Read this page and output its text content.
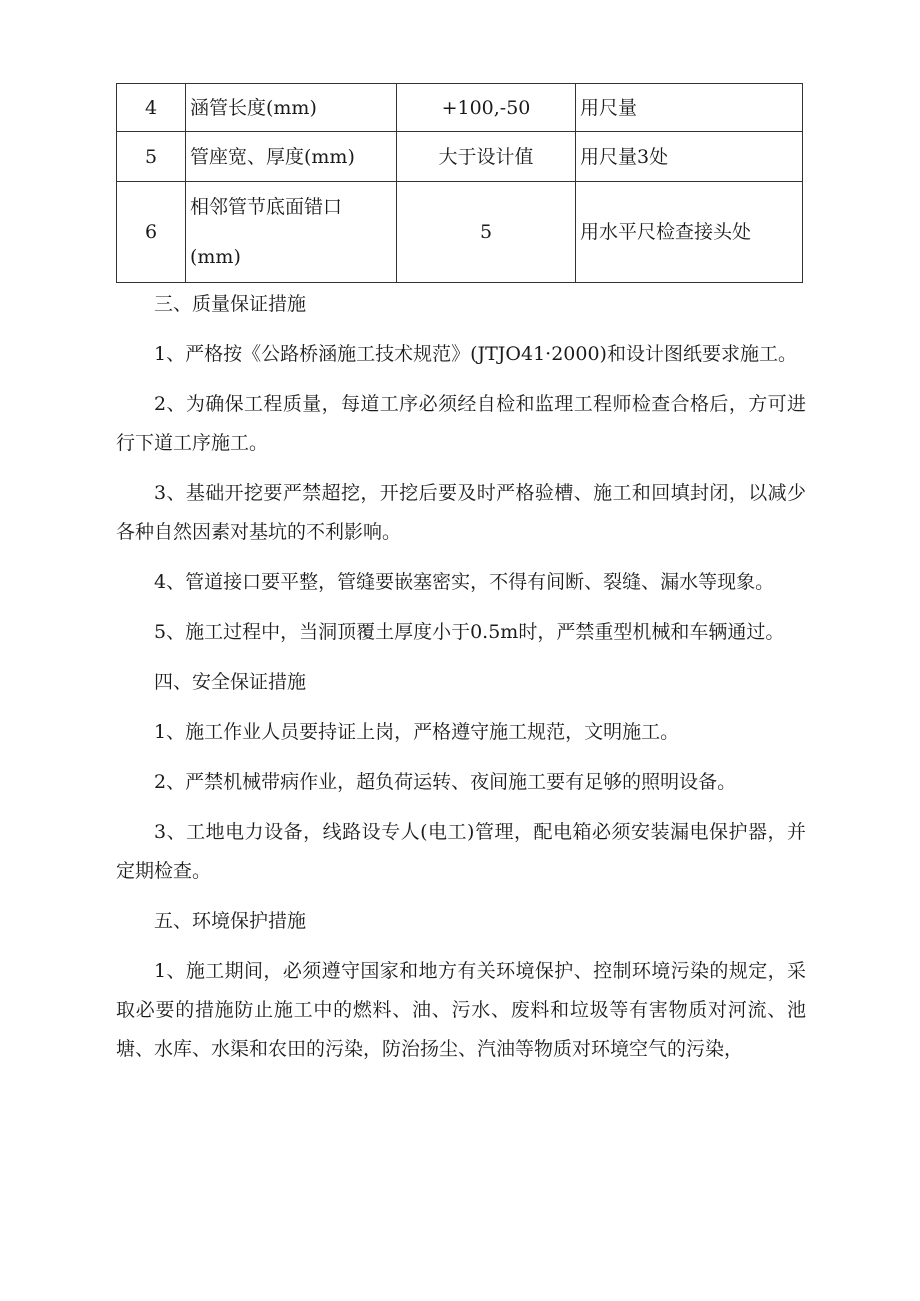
4	涵管长度(mm)	+100,-50	用尺量
5	管座宽、厚度(mm)	大于设计值	用尺量3处
6	相邻管节底面错口(mm)	5	用水平尺检查接头处

三、质量保证措施

1、严格按《公路桥涵施工技术规范》(JTJO41·2000)和设计图纸要求施工。

2、为确保工程质量，每道工序必须经自检和监理工程师检查合格后，方可进行下道工序施工。

3、基础开挖要严禁超挖，开挖后要及时严格验槽、施工和回填封闭，以减少各种自然因素对基坑的不利影响。

4、管道接口要平整，管缝要嵌塞密实，不得有间断、裂缝、漏水等现象。

5、施工过程中，当洞顶覆土厚度小于0.5m时，严禁重型机械和车辆通过。

四、安全保证措施

1、施工作业人员要持证上岗，严格遵守施工规范，文明施工。

2、严禁机械带病作业，超负荷运转、夜间施工要有足够的照明设备。

3、工地电力设备，线路设专人(电工)管理，配电箱必须安装漏电保护器，并定期检查。

五、环境保护措施

1、施工期间，必须遵守国家和地方有关环境保护、控制环境污染的规定，采取必要的措施防止施工中的燃料、油、污水、废料和垃圾等有害物质对河流、池塘、水库、水渠和农田的污染，防治扬尘、汽油等物质对环境空气的污染，
